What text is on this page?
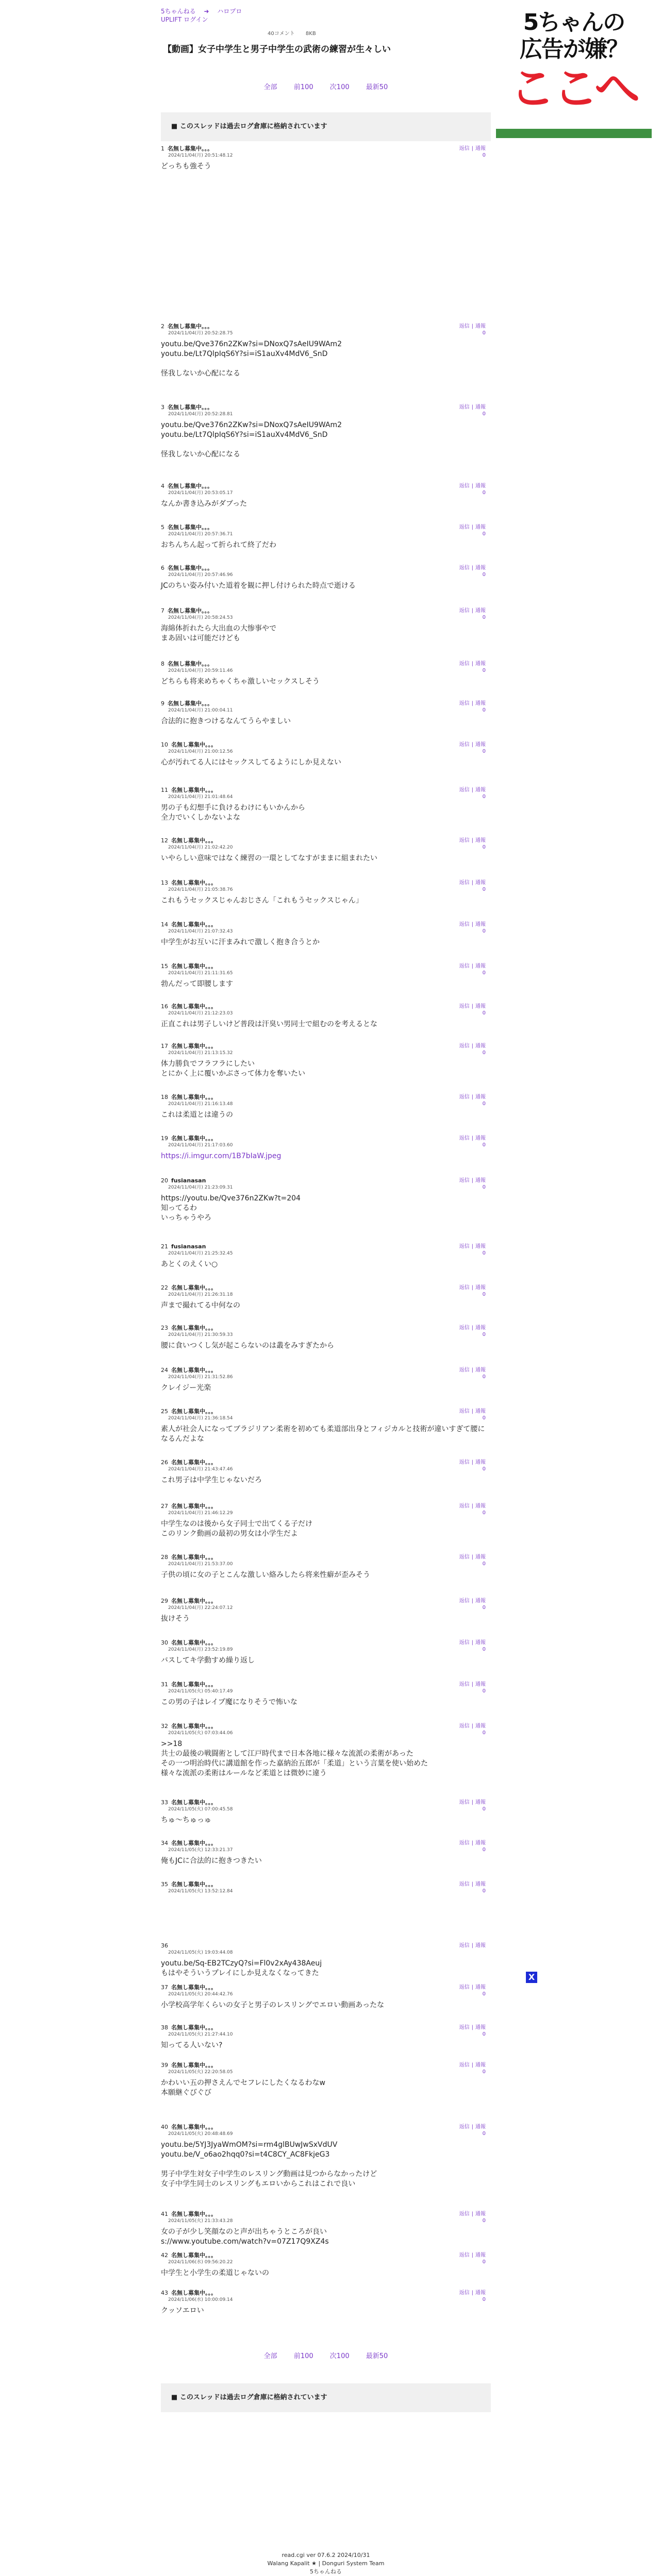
5ちゃんの
広告が嫌？
ここへ
5ちゃんねる ➜ ハロプロ
UPLIFT ログイン
40コメント 8KB
【動画】女子中学生と男子中学生の武術の練習が生々しい
全部 前100 次100 最新50
■ このスレッドは過去ログ倉庫に格納されています
1 名無し募集中。。。	返信 | 通報
0
2024/11/04(月) 20:51:48.12
どっちも強そう
2 名無し募集中。。。	返信 | 通報
0
2024/11/04(月) 20:52:28.75
youtu.be/Qve376n2ZKw?si=DNoxQ7sAeIU9WAm2
youtu.be/Lt7QlpIqS6Y?si=iS1auXv4MdV6_SnD

怪我しないか心配になる
3 名無し募集中。。。	返信 | 通報
0
2024/11/04(月) 20:52:28.81
youtu.be/Qve376n2ZKw?si=DNoxQ7sAeIU9WAm2
youtu.be/Lt7QlpIqS6Y?si=iS1auXv4MdV6_SnD

怪我しないか心配になる
4 名無し募集中。。。	返信 | 通報
0
2024/11/04(月) 20:53:05.17
なんか書き込みがダブった
5 名無し募集中。。。	返信 | 通報
0
2024/11/04(月) 20:57:36.71
おちんちん起って折られて終了だわ
6 名無し募集中。。。	返信 | 通報
0
2024/11/04(月) 20:57:46.96
JCのちい姿み付いた道着を観に押し付けられた時点で逝ける
7 名無し募集中。。。	返信 | 通報
0
2024/11/04(月) 20:58:24.53
海綿体折れたら大出血の大惨事やで
まあ固いは可能だけども
8 名無し募集中。。。	返信 | 通報
0
2024/11/04(月) 20:59:11.46
どちらも将来めちゃくちゃ激しいセックスしそう
9 名無し募集中。。。	返信 | 通報
0
2024/11/04(月) 21:00:04.11
合法的に抱きつけるなんてうらやましい
10 名無し募集中。。。	返信 | 通報
0
2024/11/04(月) 21:00:12.56
心が汚れてる人にはセックスしてるようにしか見えない
11 名無し募集中。。。	返信 | 通報
0
2024/11/04(月) 21:01:48.64
男の子も幻想手に負けるわけにもいかんから
全力でいくしかないよな
12 名無し募集中。。。	返信 | 通報
0
2024/11/04(月) 21:02:42.20
いやらしい意味ではなく練習の一環としてなすがままに組まれたい
13 名無し募集中。。。	返信 | 通報
0
2024/11/04(月) 21:05:38.76
これもうセックスじゃんおじさん「これもうセックスじゃん」
14 名無し募集中。。。	返信 | 通報
0
2024/11/04(月) 21:07:32.43
中学生がお互いに汗まみれで激しく抱き合うとか
15 名無し募集中。。。	返信 | 通報
0
2024/11/04(月) 21:11:31.65
勃んだって即腰します
16 名無し募集中。。。	返信 | 通報
0
2024/11/04(月) 21:12:23.03
正直これは男子しいけど普段は汗臭い男同士で組むのを考えるとな
17 名無し募集中。。。	返信 | 通報
0
2024/11/04(月) 21:13:15.32
体力勝負でフラフラにしたい
とにかく上に覆いかぶさって体力を奪いたい
18 名無し募集中。。。	返信 | 通報
0
2024/11/04(月) 21:16:13.48
これは柔道とは違うの
19 名無し募集中。。。	返信 | 通報
0
2024/11/04(月) 21:17:03.60
https://i.imgur.com/1B7bIaW.jpeg
20 fusianasan	返信 | 通報
0
2024/11/04(月) 21:23:09.31
https://youtu.be/Qve376n2ZKw?t=204
知ってるわ
いっちゃうやろ
21 fusianasan	返信 | 通報
0
2024/11/04(月) 21:25:32.45
あとくのえくい○
22 名無し募集中。。。	返信 | 通報
0
2024/11/04(月) 21:26:31.18
声まで撮れてる中何なの
23 名無し募集中。。。	返信 | 通報
0
2024/11/04(月) 21:30:59.33
腰に食いつくし気が起こらないのは叢をみすぎたから
24 名無し募集中。。。	返信 | 通報
0
2024/11/04(月) 21:31:52.86
クレイジー光楽
25 名無し募集中。。。	返信 | 通報
0
2024/11/04(月) 21:36:18.54
素人が社会人になってブラジリアン柔術を初めても柔道部出身とフィジカルと技術が違いすぎて腰になるんだよな
26 名無し募集中。。。	返信 | 通報
0
2024/11/04(月) 21:43:47.46
これ男子は中学生じゃないだろ
27 名無し募集中。。。	返信 | 通報
0
2024/11/04(月) 21:46:12.29
中学生なのは後から女子同士で出てくる子だけ
このリンク動画の最初の男女は小学生だよ
28 名無し募集中。。。	返信 | 通報
0
2024/11/04(月) 21:53:37.00
子供の頃に女の子とこんな激しい絡みしたら将来性癖が歪みそう
29 名無し募集中。。。	返信 | 通報
0
2024/11/04(月) 22:24:07.12
抜けそう
30 名無し募集中。。。	返信 | 通報
0
2024/11/04(月) 23:52:19.89
バスしてキ学動すめ繰り返し
31 名無し募集中。。。	返信 | 通報
0
2024/11/05(火) 05:40:17.49
この男の子はレイプ魔になりそうで怖いな
32 名無し募集中。。。	返信 | 通報
0
2024/11/05(火) 07:03:44.06
>>18
共士の最後の戦闘術として江戸時代まで日本各地に様々な流派の柔術があった
その一つ明治時代に講道館を作った嘉納治五郎が「柔道」という言葉を使い始めた
様々な流派の柔術はルールなど柔道とは微妙に違う
33 名無し募集中。。。	返信 | 通報
0
2024/11/05(火) 07:00:45.58
ちゅ～ちゅっゅ
34 名無し募集中。。。	返信 | 通報
0
2024/11/05(火) 12:33:21.37
俺もJCに合法的に抱きつきたい
35 名無し募集中。。。	返信 | 通報
0
2024/11/05(火) 13:52:12.84
36	返信 | 通報
2024/11/05(火) 19:03:44.08
youtu.be/Sq-EB2TCzyQ?si=Fl0v2xAy438Aeuj
もはやそういうプレイにしか見えなくなってきた
37 名無し募集中。。。	返信 | 通報
0
2024/11/05(火) 20:44:42.76
小学校高学年くらいの女子と男子のレスリングでエロい動画あったな
38 名無し募集中。。。	返信 | 通報
0
2024/11/05(火) 21:27:44.10
知ってる人いない?
39 名無し募集中。。。	返信 | 通報
0
2024/11/05(火) 22:20:58.05
かわいい五の押さえんでセフレにしたくなるわなw
本願継ぐびぐび
40 名無し募集中。。。	返信 | 通報
0
2024/11/05(火) 20:48:48.69
youtu.be/5YJ3JyaWmOM?si=rm4glBUwJwSxVdUV
youtu.be/V_o6ao2hqq0?si=t4C8CY_AC8FkjeG3

男子中学生対女子中学生のレスリング動画は見つからなかったけど
女子中学生同士のレスリングもエロいからこれはこれで良い
41 名無し募集中。。。	返信 | 通報
0
2024/11/05(火) 21:33:43.28
女の子が少し笑顔なのと声が出ちゃうところが良い
s://www.youtube.com/watch?v=07Z17Q9XZ4s
42 名無し募集中。。。	返信 | 通報
0
2024/11/06(水) 09:56:20.22
中学生と小学生の柔道じゃないの
43 名無し募集中。。。	返信 | 通報
0
2024/11/06(水) 10:00:09.14
クッソエロい
全部 前100 次100 最新50
■ このスレッドは過去ログ倉庫に格納されています
X
read.cgi ver 07.6.2 2024/10/31
Walang Kapalit ★ | Donguri System Team
5ちゃんねる
